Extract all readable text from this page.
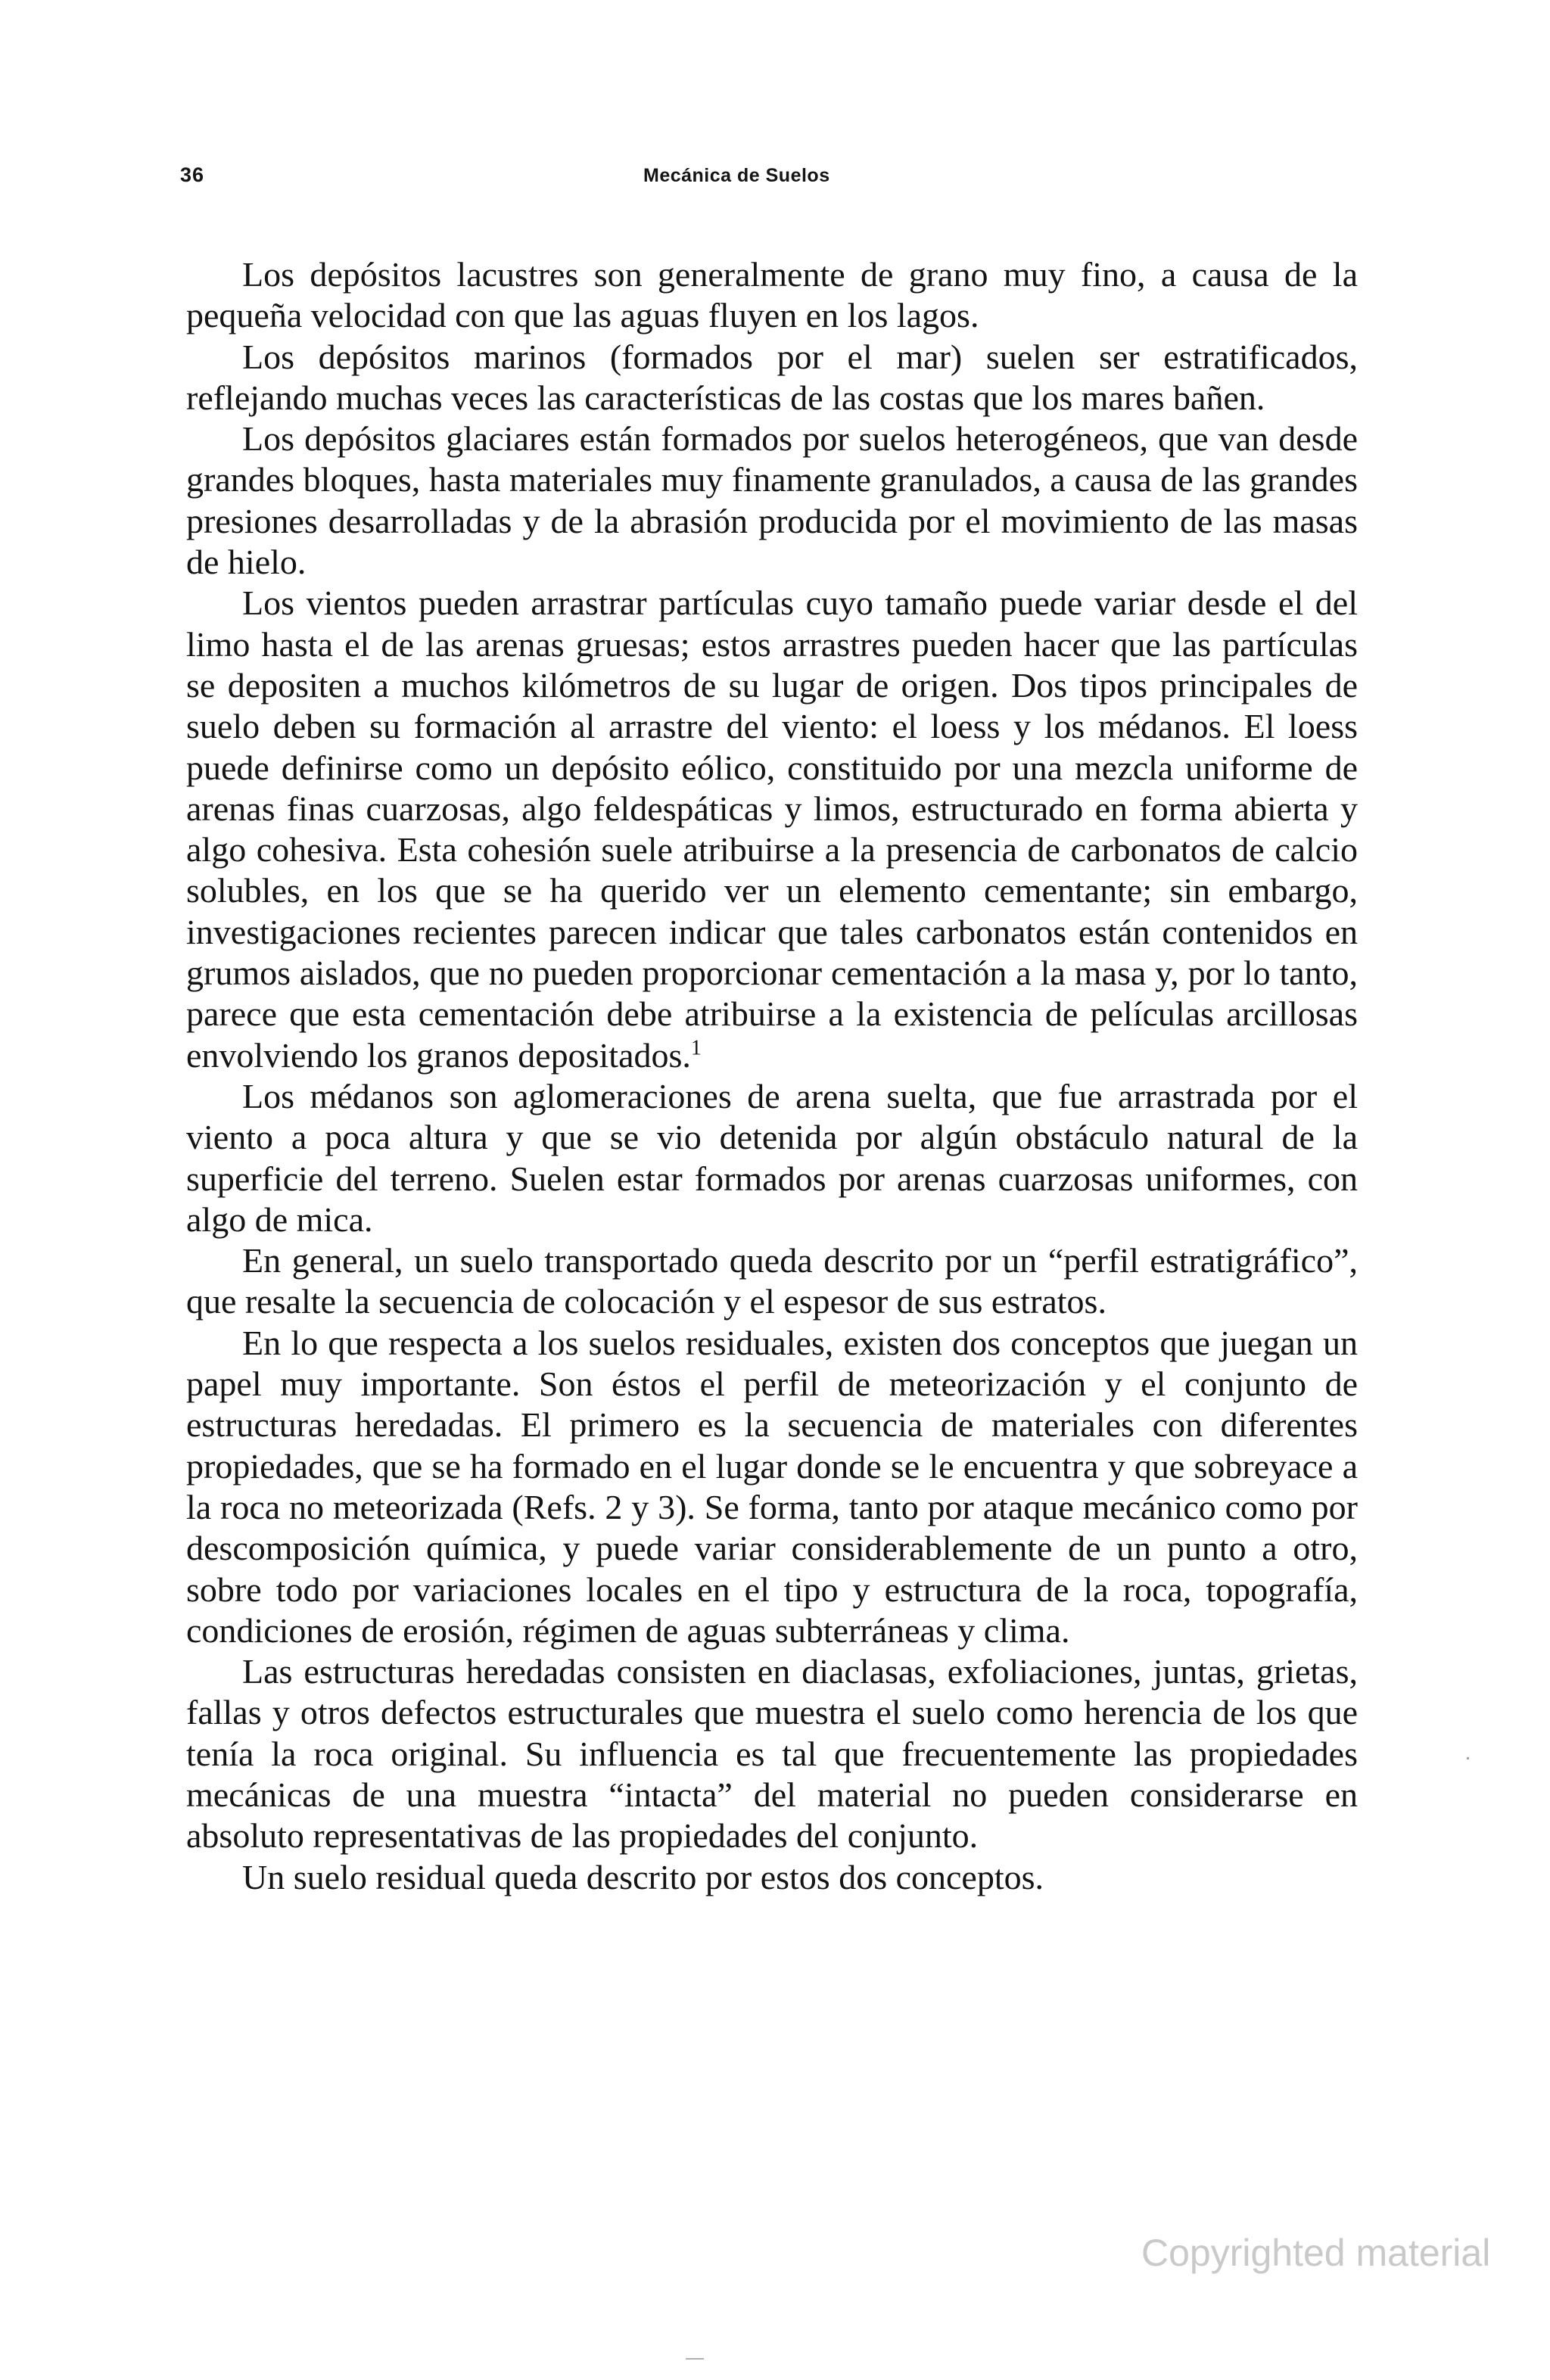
36	Mecánica de Suelos

Los depósitos lacustres son generalmente de grano muy fino, a causa de la pequeña velocidad con que las aguas fluyen en los lagos.

Los depósitos marinos (formados por el mar) suelen ser estratificados, reflejando muchas veces las características de las costas que los mares bañen.

Los depósitos glaciares están formados por suelos heterogéneos, que van desde grandes bloques, hasta materiales muy finamente granulados, a causa de las grandes presiones desarrolladas y de la abrasión producida por el movimiento de las masas de hielo.

Los vientos pueden arrastrar partículas cuyo tamaño puede variar desde el del limo hasta el de las arenas gruesas; estos arrastres pueden hacer que las partículas se depositen a muchos kilómetros de su lugar de origen. Dos tipos principales de suelo deben su formación al arrastre del viento: el loess y los médanos. El loess puede definirse como un depósito eólico, constituido por una mezcla uniforme de arenas finas cuarzosas, algo feldespáticas y limos, estructurado en forma abierta y algo cohesiva. Esta cohesión suele atribuirse a la presencia de carbonatos de calcio solubles, en los que se ha querido ver un elemento cementante; sin embargo, investigaciones recientes parecen indicar que tales carbonatos están contenidos en grumos aislados, que no pueden proporcionar cementación a la masa y, por lo tanto, parece que esta cementación debe atribuirse a la existencia de películas arcillosas envolviendo los granos depositados.$^1$

Los médanos son aglomeraciones de arena suelta, que fue arrastrada por el viento a poca altura y que se vio detenida por algún obstáculo natural de la superficie del terreno. Suelen estar formados por arenas cuarzosas uniformes, con algo de mica.

En general, un suelo transportado queda descrito por un “perfil estratigráfico”, que resalte la secuencia de colocación y el espesor de sus estratos.

En lo que respecta a los suelos residuales, existen dos conceptos que juegan un papel muy importante. Son éstos el perfil de meteorización y el conjunto de estructuras heredadas. El primero es la secuencia de materiales con diferentes propiedades, que se ha formado en el lugar donde se le encuentra y que sobreyace a la roca no meteorizada (Refs. 2 y 3). Se forma, tanto por ataque mecánico como por descomposición química, y puede variar considerablemente de un punto a otro, sobre todo por variaciones locales en el tipo y estructura de la roca, topografía, condiciones de erosión, régimen de aguas subterráneas y clima.

Las estructuras heredadas consisten en diaclasas, exfoliaciones, juntas, grietas, fallas y otros defectos estructurales que muestra el suelo como herencia de los que tenía la roca original. Su influencia es tal que frecuentemente las propiedades mecánicas de una muestra “intacta” del material no pueden considerarse en absoluto representativas de las propiedades del conjunto.

Un suelo residual queda descrito por estos dos conceptos.

Copyrighted material
